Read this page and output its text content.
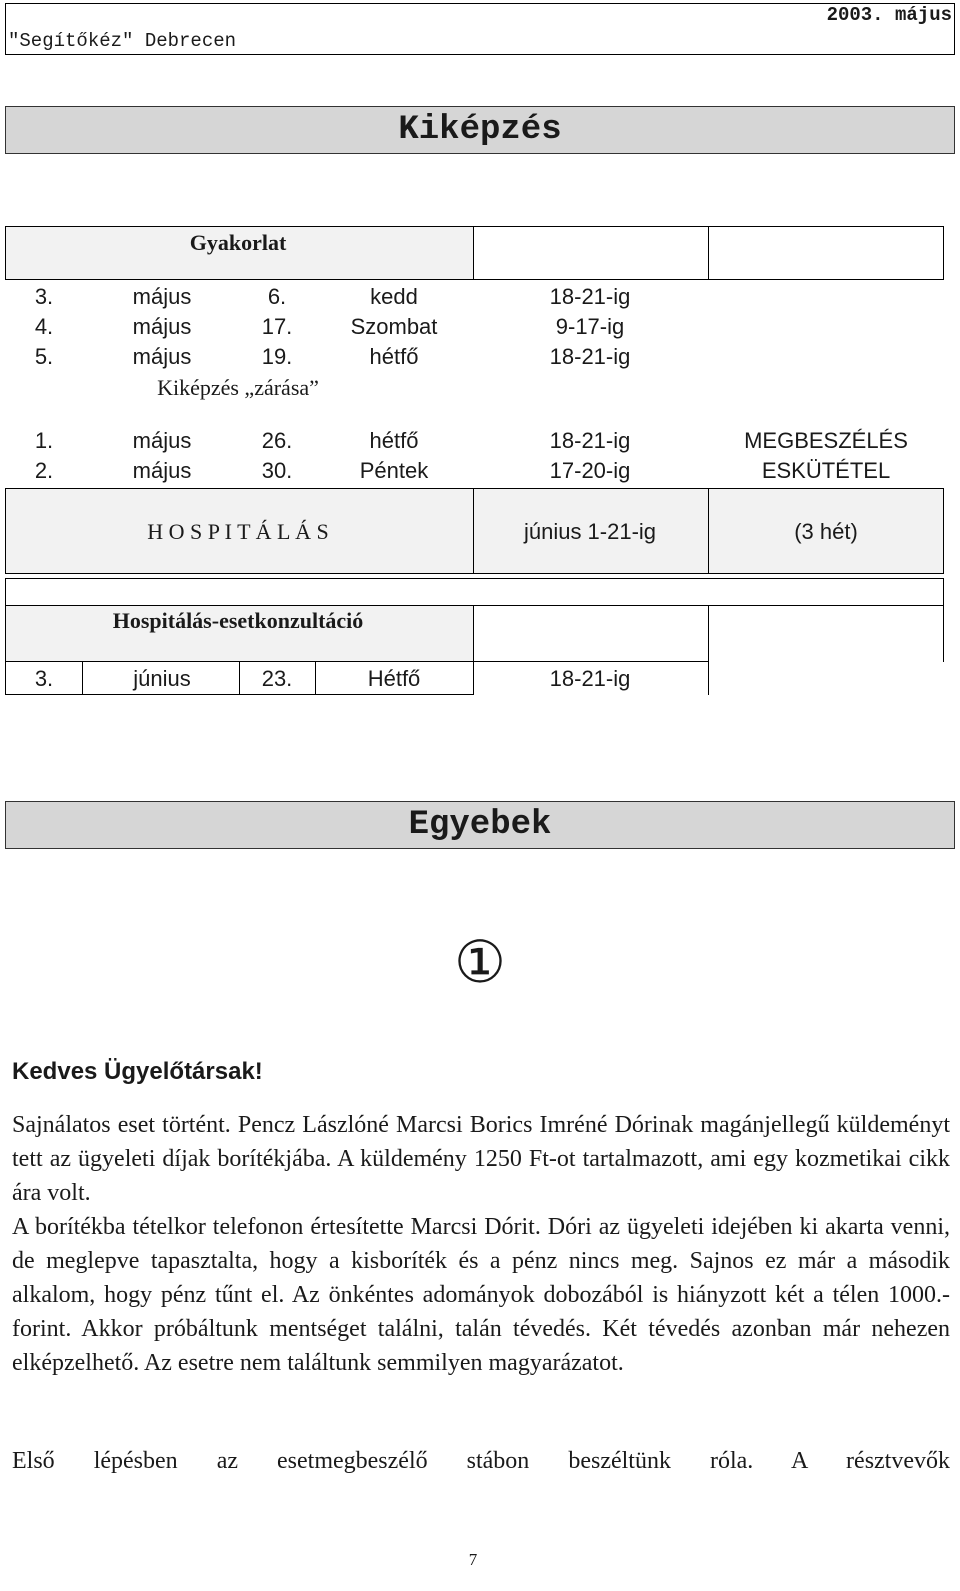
"Segítőkéz" Debrecen
2003. május
Kiképzés
Gyakorlat
3.	május	6.	kedd	18-21-ig
4.	május	17.	Szombat	9-17-ig
5.	május	19.	hétfő	18-21-ig
Kiképzés „zárása”
1.	május	26.	hétfő	18-21-ig	MEGBESZÉLÉS
2.	május	30.	Péntek	17-20-ig	ESKÜTÉTEL
H O S P I T Á L Á S	június 1-21-ig	(3 hét)
Hospitálás-esetkonzultáció
3.	június	23.	Hétfő	18-21-ig
Egyebek
①
Kedves Ügyelőtársak!
Sajnálatos eset történt. Pencz Lászlóné Marcsi Borics Imréné Dórinak magánjellegű küldeményt tett az ügyeleti díjak borítékjába. A küldemény 1250 Ft-ot tartalmazott, ami egy kozmetikai cikk ára volt.
A borítékba tételkor telefonon értesítette Marcsi Dórit. Dóri az ügyeleti idejében ki akarta venni, de meglepve tapasztalta, hogy a kisboríték és a pénz nincs meg. Sajnos ez már a második alkalom, hogy pénz tűnt el. Az önkéntes adományok dobozából is hiányzott két a télen 1000.- forint. Akkor próbáltunk mentséget találni, talán tévedés. Két tévedés azonban már nehezen elképzelhető. Az esetre nem találtunk semmilyen magyarázatot.
Első lépésben az esetmegbeszélő stábon beszéltünk róla. A résztvevők
7
